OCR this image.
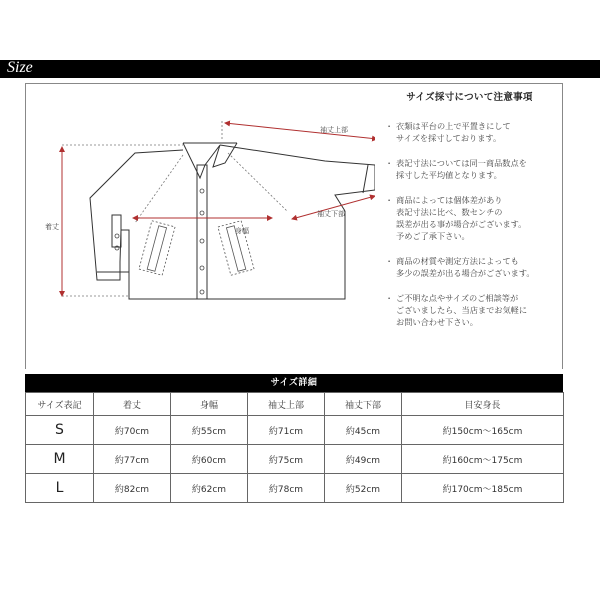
Size
着丈	身幅
袖丈上部
袖丈下部
サイズ採寸について注意事項
・ 衣類は平台の上で平置きにして
サイズを採寸しております。
・ 表記寸法については同一商品数点を
採寸した平均値となります。
・ 商品によっては個体差があり
表記寸法に比べ、数センチの
誤差が出る事が場合がございます。
予めご了承下さい。
・ 商品の材質や測定方法によっても
多少の誤差が出る場合がございます。
・ ご不明な点やサイズのご相談等が
ございましたら、当店までお気軽に
お問い合わせ下さい。
サイズ詳細
サイズ表記	着丈	身幅	袖丈上部	袖丈下部	目安身長
S	約70cm	約55cm	約71cm	約45cm	約150cm～165cm
M	約77cm	約60cm	約75cm	約49cm	約160cm～175cm
L	約82cm	約62cm	約78cm	約52cm	約170cm～185cm
